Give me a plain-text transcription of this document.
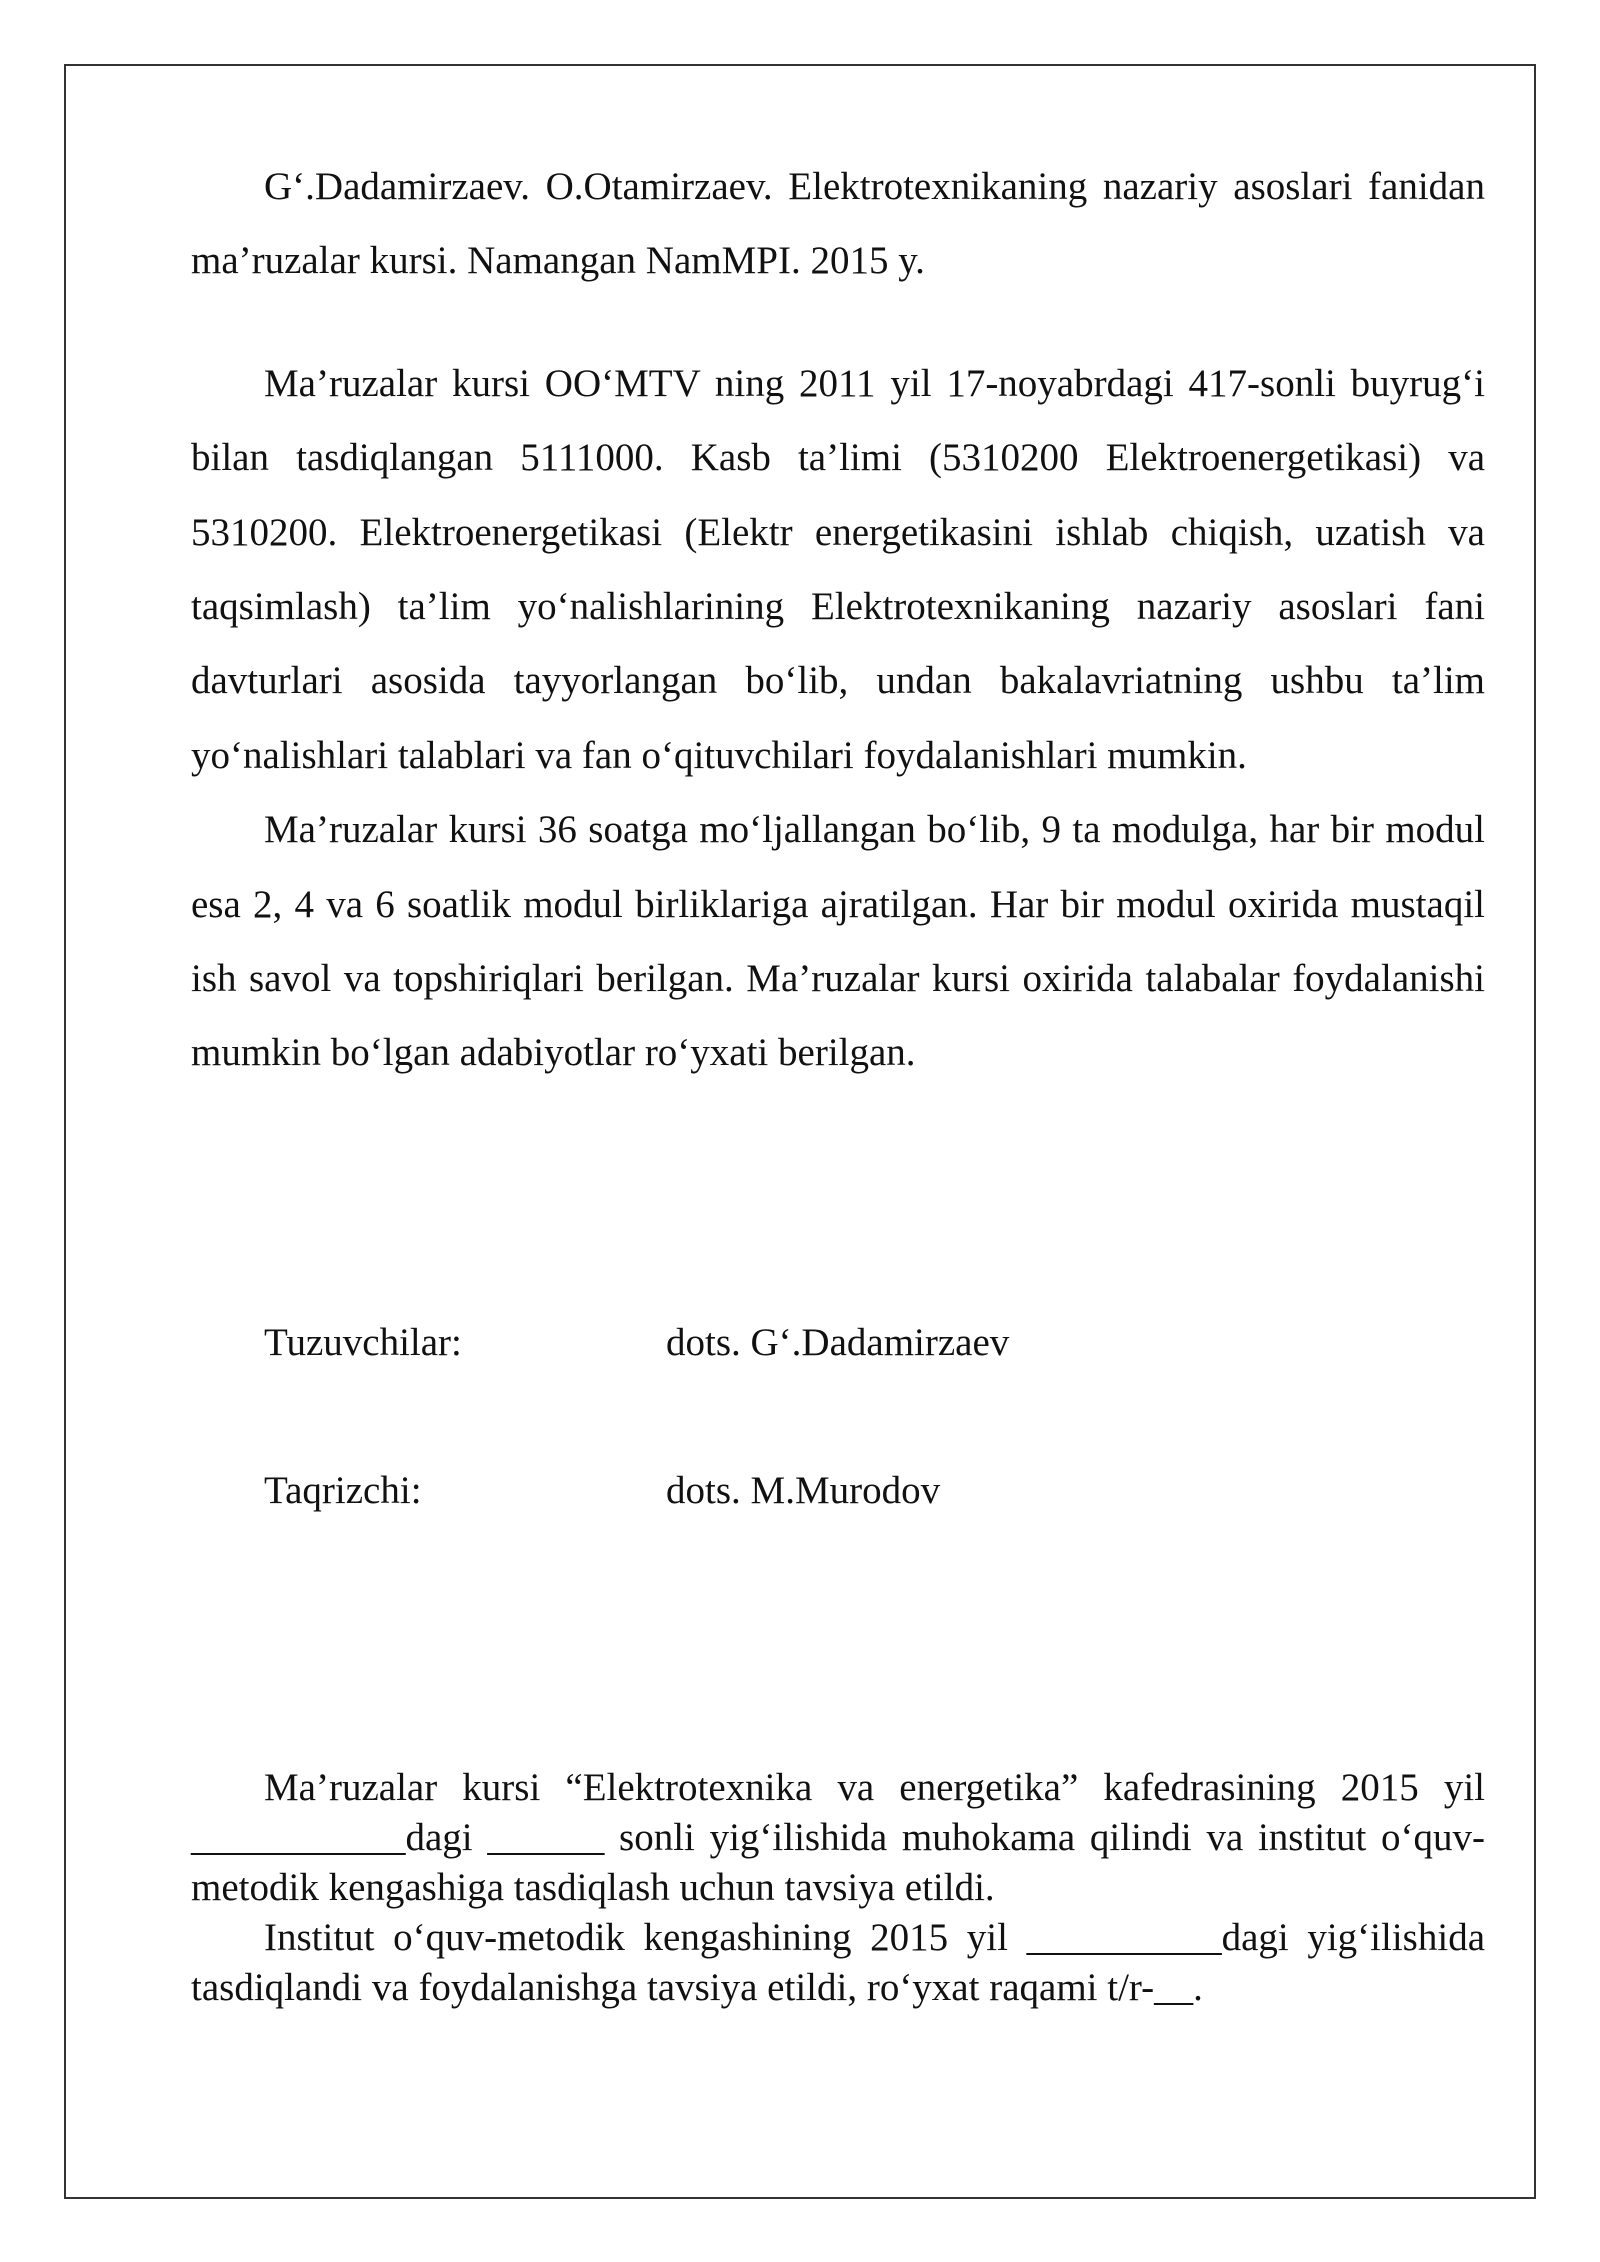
G‘.Dadamirzaev. O.Otamirzaev. Elektrotexnikaning nazariy asoslari fanidan ma’ruzalar kursi. Namangan NamMPI. 2015 y.

Ma’ruzalar kursi OO‘MTV ning 2011 yil 17-noyabrdagi 417-sonli buyrug‘i bilan tasdiqlangan 5111000. Kasb ta’limi (5310200 Elektroenergetikasi) va 5310200. Elektroenergetikasi (Elektr energetikasini ishlab chiqish, uzatish va taqsimlash) ta’lim yo‘nalishlarining Elektrotexnikaning nazariy asoslari fani davturlari asosida tayyorlangan bo‘lib, undan bakalavriatning ushbu ta’lim yo‘nalishlari talablari va fan o‘qituvchilari foydalanishlari mumkin.

Ma’ruzalar kursi 36 soatga mo‘ljallangan bo‘lib, 9 ta modulga, har bir modul esa 2, 4 va 6 soatlik modul birliklariga ajratilgan. Har bir modul oxirida mustaqil ish savol va topshiriqlari berilgan. Ma’ruzalar kursi oxirida talabalar foydalanishi mumkin bo‘lgan adabiyotlar ro‘yxati berilgan.

Tuzuvchilar:	dots. G‘.Dadamirzaev
Taqrizchi:	dots. M.Murodov

Ma’ruzalar kursi “Elektrotexnika va energetika” kafedrasining 2015 yil ___________dagi ______ sonli yig‘ilishida muhokama qilindi va institut o‘quv-metodik kengashiga tasdiqlash uchun tavsiya etildi.

Institut o‘quv-metodik kengashining 2015 yil __________dagi yig‘ilishida tasdiqlandi va foydalanishga tavsiya etildi, ro‘yxat raqami t/r-__.
